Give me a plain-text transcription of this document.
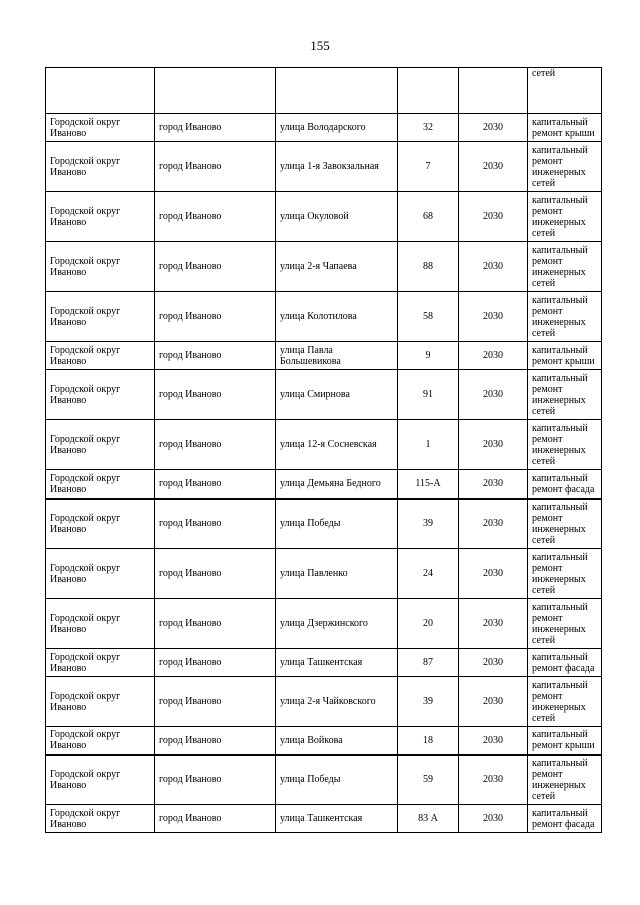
155
					сетей
Городской округ Иваново	город Иваново	улица Володарского	32	2030	капитальный ремонт крыши
Городской округ Иваново	город Иваново	улица 1-я Завокзальная	7	2030	капитальный ремонт инженерных сетей
Городской округ Иваново	город Иваново	улица Окуловой	68	2030	капитальный ремонт инженерных сетей
Городской округ Иваново	город Иваново	улица 2-я Чапаева	88	2030	капитальный ремонт инженерных сетей
Городской округ Иваново	город Иваново	улица Колотилова	58	2030	капитальный ремонт инженерных сетей
Городской округ Иваново	город Иваново	улица Павла Большевикова	9	2030	капитальный ремонт крыши
Городской округ Иваново	город Иваново	улица Смирнова	91	2030	капитальный ремонт инженерных сетей
Городской округ Иваново	город Иваново	улица 12-я Сосневская	1	2030	капитальный ремонт инженерных сетей
Городской округ Иваново	город Иваново	улица Демьяна Бедного	115-А	2030	капитальный ремонт фасада
Городской округ Иваново	город Иваново	улица Победы	39	2030	капитальный ремонт инженерных сетей
Городской округ Иваново	город Иваново	улица Павленко	24	2030	капитальный ремонт инженерных сетей
Городской округ Иваново	город Иваново	улица Дзержинского	20	2030	капитальный ремонт инженерных сетей
Городской округ Иваново	город Иваново	улица Ташкентская	87	2030	капитальный ремонт фасада
Городской округ Иваново	город Иваново	улица 2-я Чайковского	39	2030	капитальный ремонт инженерных сетей
Городской округ Иваново	город Иваново	улица Войкова	18	2030	капитальный ремонт крыши
Городской округ Иваново	город Иваново	улица Победы	59	2030	капитальный ремонт инженерных сетей
Городской округ Иваново	город Иваново	улица Ташкентская	83 А	2030	капитальный ремонт фасада
